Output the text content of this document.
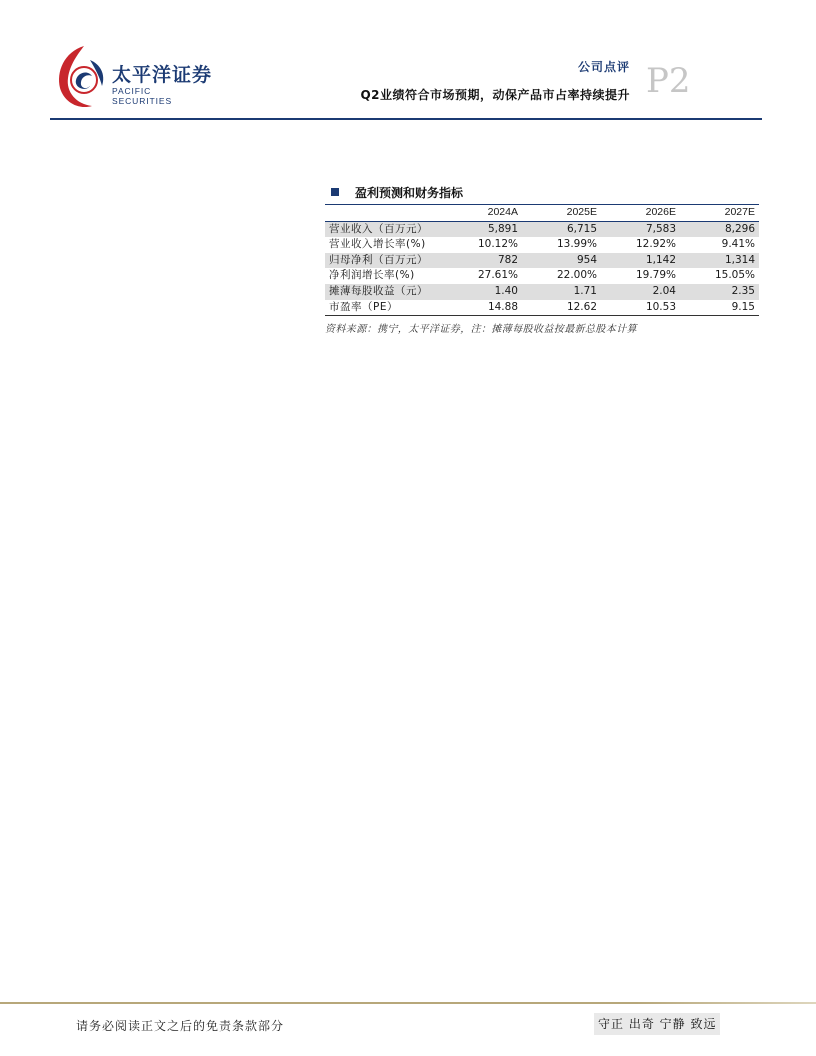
太平洋证券
PACIFIC SECURITIES
公司点评
Q2业绩符合市场预期，动保产品市占率持续提升 P2
盈利预测和财务指标
	2024A	2025E	2026E	2027E
营业收入（百万元）	5,891	6,715	7,583	8,296
营业收入增长率(%)	10.12%	13.99%	12.92%	9.41%
归母净利（百万元）	782	954	1,142	1,314
净利润增长率(%)	27.61%	22.00%	19.79%	15.05%
摊薄每股收益（元）	1.40	1.71	2.04	2.35
市盈率（PE）	14.88	12.62	10.53	9.15
资料来源：携宁，太平洋证券，注：摊薄每股收益按最新总股本计算
请务必阅读正文之后的免责条款部分	守正 出奇 宁静 致远
